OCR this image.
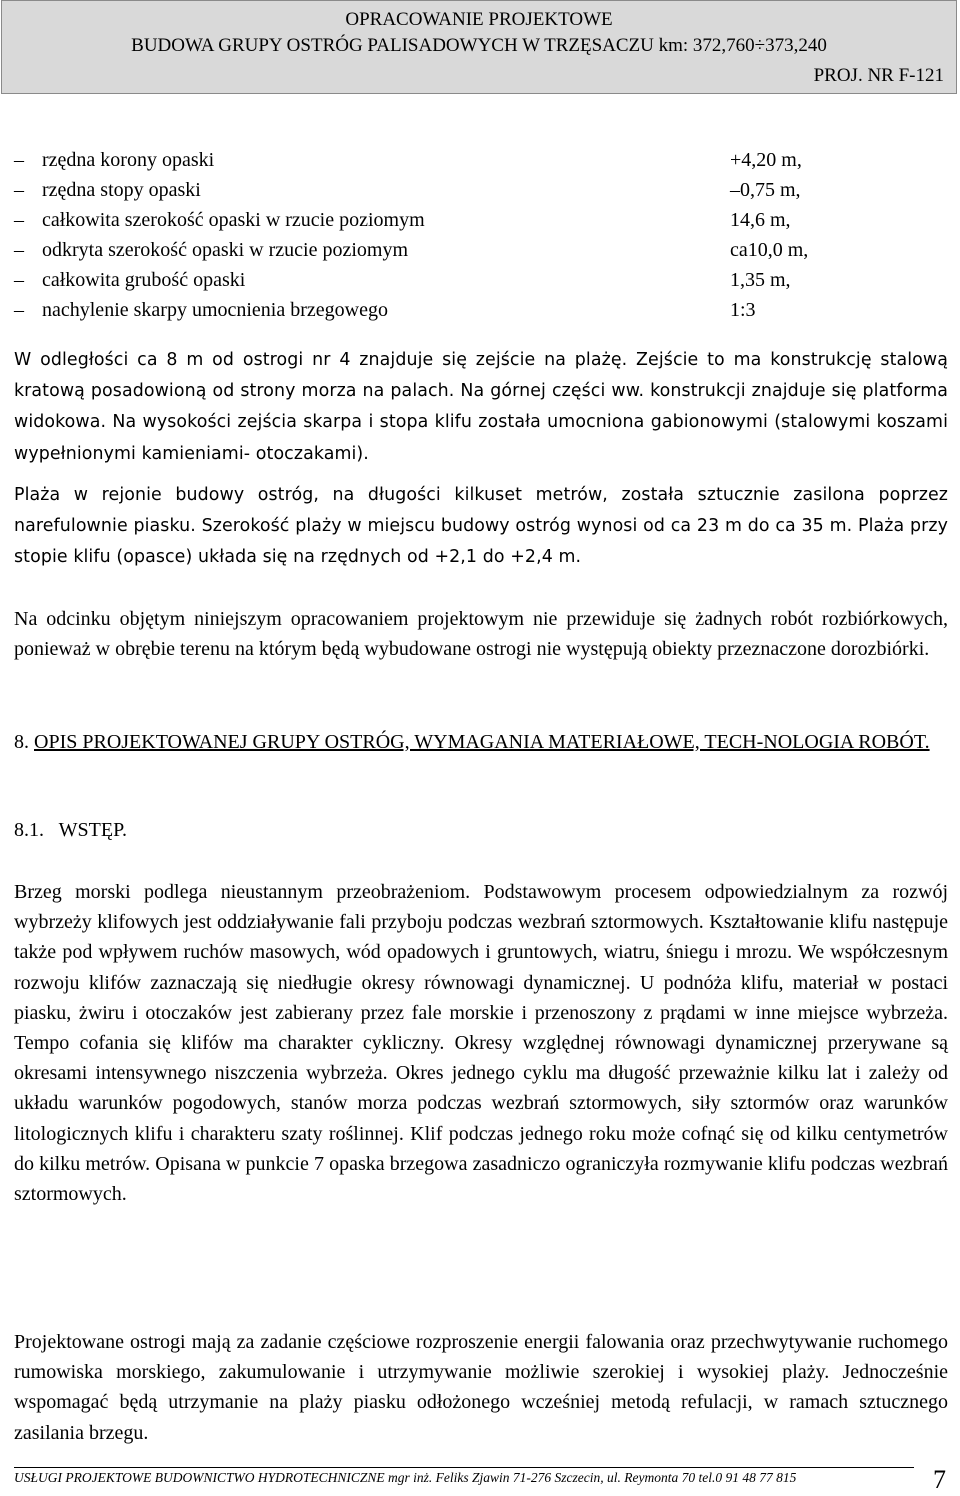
OPRACOWANIE PROJEKTOWE
BUDOWA GRUPY OSTRÓG PALISADOWYCH W TRZĘSACZU km: 372,760÷373,240
PROJ. NR F-121
– rzędna korony opaski	+4,20 m,
– rzędna stopy opaski	–0,75 m,
– całkowita szerokość opaski w rzucie poziomym	14,6 m,
– odkryta szerokość opaski w rzucie poziomym	ca10,0 m,
– całkowita grubość opaski	1,35 m,
– nachylenie skarpy umocnienia brzegowego	1:3

W odległości ca 8 m od ostrogi nr 4 znajduje się zejście na plażę. Zejście to ma konstrukcję stalową kratową posadowioną od strony morza na palach. Na górnej części ww. konstrukcji znajduje się platforma widokowa. Na wysokości zejścia skarpa i stopa klifu została umocniona gabionowymi (stalowymi koszami wypełnionymi kamieniami- otoczakami).

Plaża w rejonie budowy ostróg, na długości kilkuset metrów, została sztucznie zasilona poprzez narefulownie piasku. Szerokość plaży w miejscu budowy ostróg wynosi od ca 23 m do ca 35 m. Plaża przy stopie klifu (opasce) układa się na rzędnych od +2,1 do +2,4 m.

Na odcinku objętym niniejszym opracowaniem projektowym nie przewiduje się żadnych robót rozbiórkowych, ponieważ w obrębie terenu na którym będą wybudowane ostrogi nie występują obiekty przeznaczone dorozbiórki.

8. OPIS PROJEKTOWANEJ GRUPY OSTRÓG, WYMAGANIA MATERIAŁOWE, TECH-NOLOGIA ROBÓT.
8.1. WSTĘP.

Brzeg morski podlega nieustannym przeobrażeniom. Podstawowym procesem odpowiedzialnym za rozwój wybrzeży klifowych jest oddziaływanie fali przyboju podczas wezbrań sztormowych. Kształtowanie klifu następuje także pod wpływem ruchów masowych, wód opadowych i gruntowych, wiatru, śniegu i mrozu. We współczesnym rozwoju klifów zaznaczają się niedługie okresy równowagi dynamicznej. U podnóża klifu, materiał w postaci piasku, żwiru i otoczaków jest zabierany przez fale morskie i przenoszony z prądami w inne miejsce wybrzeża. Tempo cofania się klifów ma charakter cykliczny. Okresy względnej równowagi dynamicznej przerywane są okresami intensywnego niszczenia wybrzeża. Okres jednego cyklu ma długość przeważnie kilku lat i zależy od układu warunków pogodowych, stanów morza podczas wezbrań sztormowych, siły sztormów oraz warunków litologicznych klifu i charakteru szaty roślinnej. Klif podczas jednego roku może cofnąć się od kilku centymetrów do kilku metrów. Opisana w punkcie 7 opaska brzegowa zasadniczo ograniczyła rozmywanie klifu podczas wezbrań sztormowych.

Projektowane ostrogi mają za zadanie częściowe rozproszenie energii falowania oraz przechwytywanie ruchomego rumowiska morskiego, zakumulowanie i utrzymywanie możliwie szerokiej i wysokiej plaży. Jednocześnie wspomagać będą utrzymanie na plaży piasku odłożonego wcześniej metodą refulacji, w ramach sztucznego zasilania brzegu.

USŁUGI PROJEKTOWE BUDOWNICTWO HYDROTECHNICZNE mgr inż. Feliks Zjawin 71-276 Szczecin, ul. Reymonta 70 tel.0 91 48 77 815	7
